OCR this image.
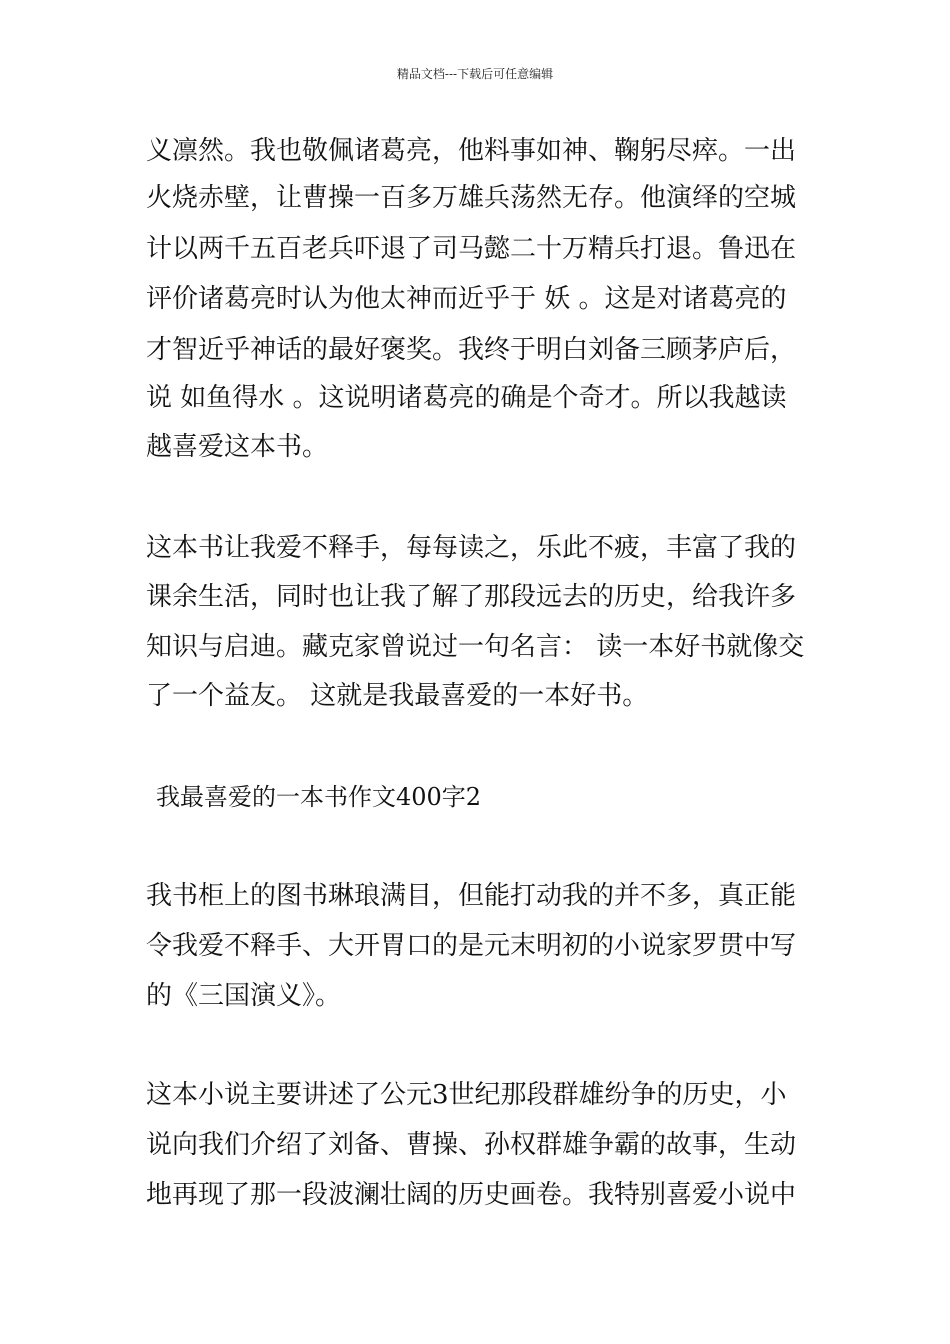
精品文档---下载后可任意编辑
义凛然。我也敬佩诸葛亮，他料事如神、鞠躬尽瘁。一出
火烧赤壁，让曹操一百多万雄兵荡然无存。他演绎的空城
计以两千五百老兵吓退了司马懿二十万精兵打退。鲁迅在
评价诸葛亮时认为他太神而近乎于 妖 。这是对诸葛亮的
才智近乎神话的最好褒奖。我终于明白刘备三顾茅庐后，
说 如鱼得水 。这说明诸葛亮的确是个奇才。所以我越读
越喜爱这本书。
这本书让我爱不释手，每每读之，乐此不疲，丰富了我的
课余生活，同时也让我了解了那段远去的历史，给我许多
知识与启迪。藏克家曾说过一句名言： 读一本好书就像交
了一个益友。 这就是我最喜爱的一本好书。
我最喜爱的一本书作文400字2
我书柜上的图书琳琅满目，但能打动我的并不多，真正能
令我爱不释手、大开胃口的是元末明初的小说家罗贯中写
的《三国演义》。
这本小说主要讲述了公元3世纪那段群雄纷争的历史，小
说向我们介绍了刘备、曹操、孙权群雄争霸的故事，生动
地再现了那一段波澜壮阔的历史画卷。我特别喜爱小说中
